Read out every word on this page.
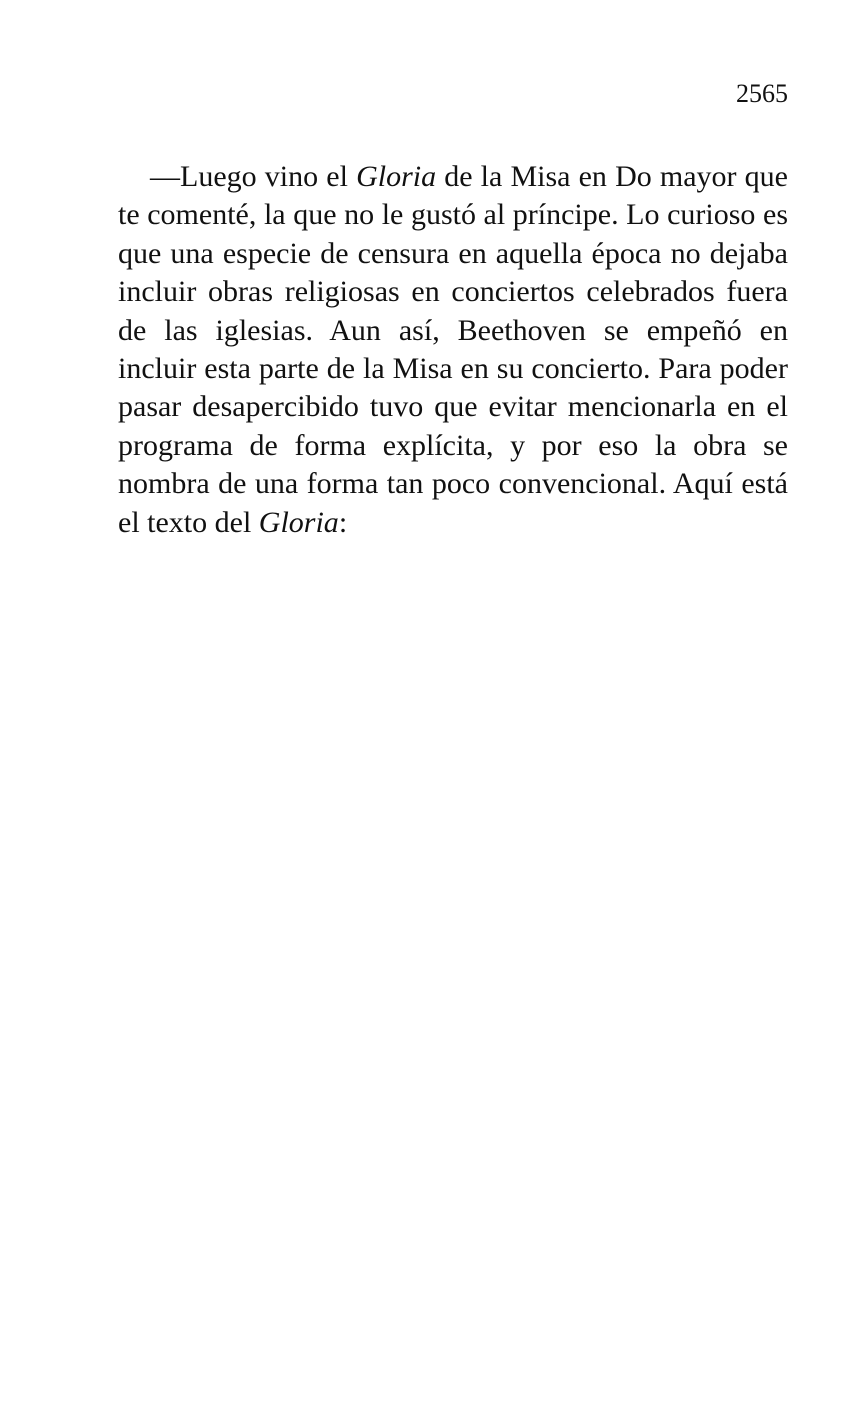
2565

—Luego vino el Gloria de la Misa en Do mayor que te comenté, la que no le gustó al príncipe. Lo curioso es que una especie de censura en aquella época no dejaba incluir obras religiosas en conciertos celebrados fuera de las iglesias. Aun así, Beethoven se empeñó en incluir esta parte de la Misa en su concierto. Para poder pasar desapercibido tuvo que evitar mencionarla en el programa de forma explícita, y por eso la obra se nombra de una forma tan poco convencional. Aquí está el texto del Gloria:
